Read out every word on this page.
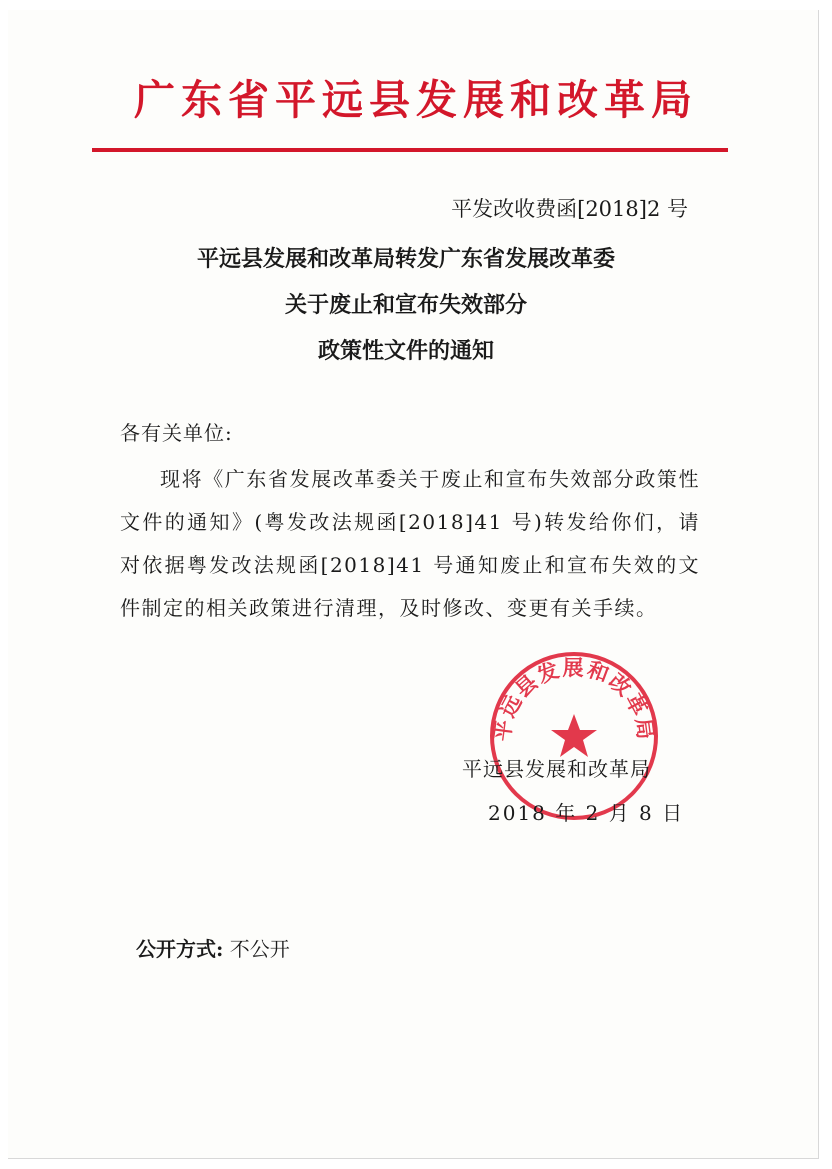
广东省平远县发展和改革局
平发改收费函[2018]2 号
平远县发展和改革局转发广东省发展改革委
关于废止和宣布失效部分
政策性文件的通知
各有关单位:

现将《广东省发展改革委关于废止和宣布失效部分政策性文件的通知》(粤发改法规函[2018]41 号)转发给你们，请对依据粤发改法规函[2018]41 号通知废止和宣布失效的文件制定的相关政策进行清理，及时修改、变更有关手续。

平远县发展和改革局
平远县发展和改革局
2018 年 2 月 8 日
公开方式: 不公开
